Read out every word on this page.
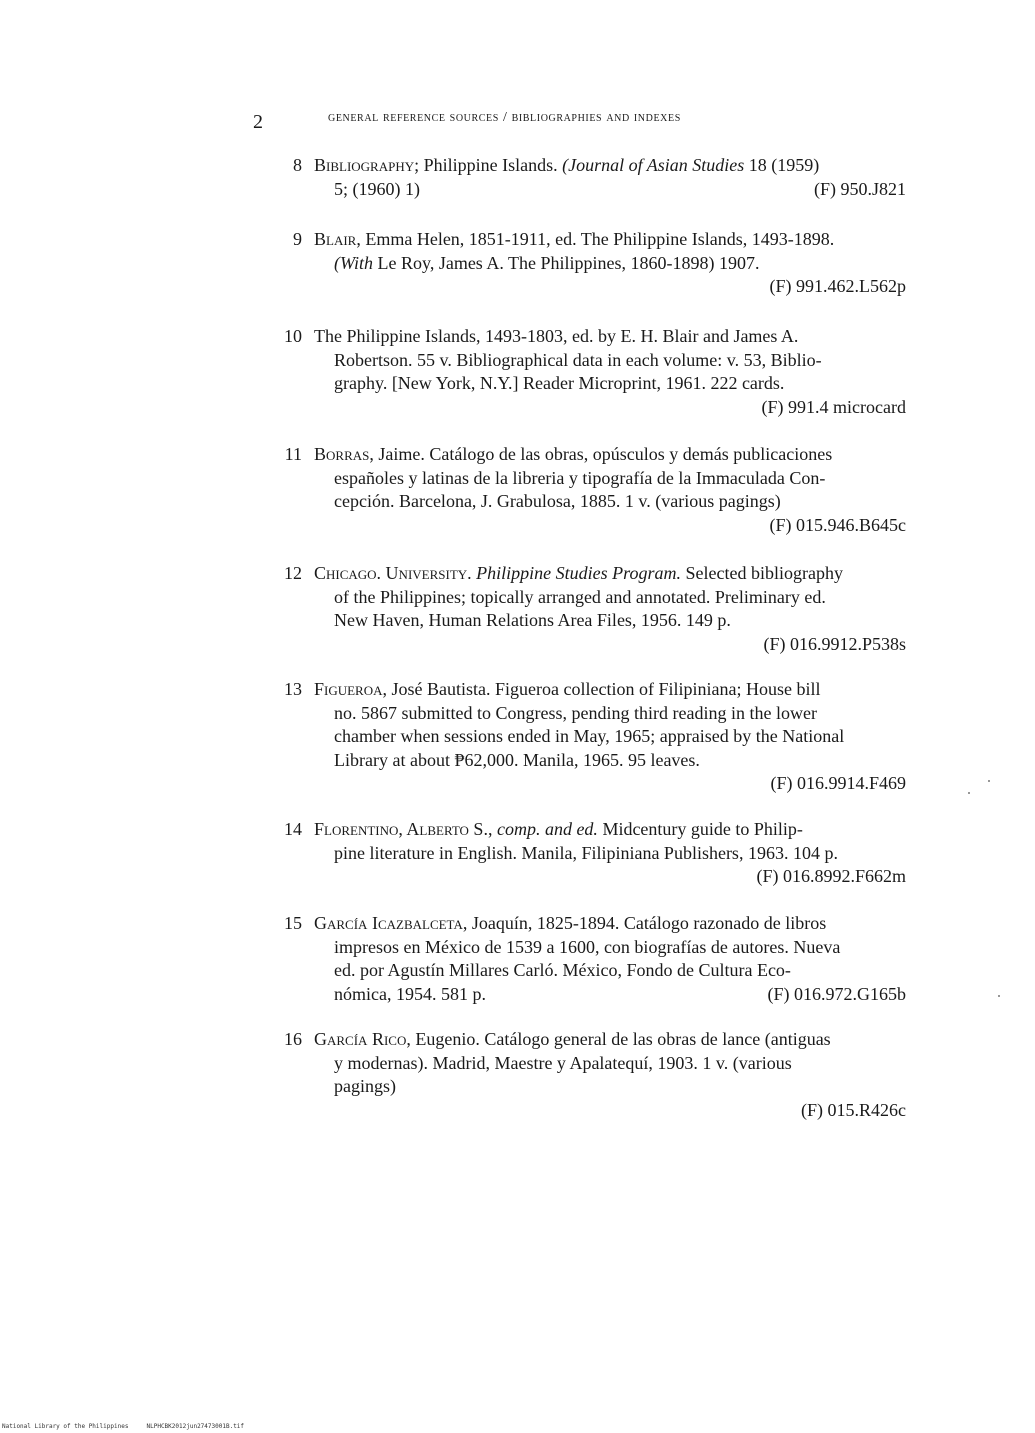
2	general reference sources / bibliographies and indexes
8 Bibliography; Philippine Islands. (Journal of Asian Studies 18 (1959)
5; (1960) 1)	(F) 950.J821
9 Blair, Emma Helen, 1851-1911, ed. The Philippine Islands, 1493-1898.
(With Le Roy, James A. The Philippines, 1860-1898) 1907.
(F) 991.462.L562p
10 The Philippine Islands, 1493-1803, ed. by E. H. Blair and James A.
Robertson. 55 v. Bibliographical data in each volume: v. 53, Biblio-
graphy. [New York, N.Y.] Reader Microprint, 1961. 222 cards.
(F) 991.4 microcard
11 Borras, Jaime. Catálogo de las obras, opúsculos y demás publicaciones
españoles y latinas de la libreria y tipografía de la Immaculada Con-
cepción. Barcelona, J. Grabulosa, 1885. 1 v. (various pagings)
(F) 015.946.B645c
12 Chicago. University. Philippine Studies Program. Selected bibliography
of the Philippines; topically arranged and annotated. Preliminary ed.
New Haven, Human Relations Area Files, 1956. 149 p.
(F) 016.9912.P538s
13 Figueroa, José Bautista. Figueroa collection of Filipiniana; House bill
no. 5867 submitted to Congress, pending third reading in the lower
chamber when sessions ended in May, 1965; appraised by the National
Library at about ₱62,000. Manila, 1965. 95 leaves.
(F) 016.9914.F469
14 Florentino, Alberto S., comp. and ed. Midcentury guide to Philip-
pine literature in English. Manila, Filipiniana Publishers, 1963. 104 p.
(F) 016.8992.F662m
15 García Icazbalceta, Joaquín, 1825-1894. Catálogo razonado de libros
impresos en México de 1539 a 1600, con biografías de autores. Nueva
ed. por Agustín Millares Carló. México, Fondo de Cultura Eco-
nómica, 1954. 581 p.	(F) 016.972.G165b
16 García Rico, Eugenio. Catálogo general de las obras de lance (antiguas
y modernas). Madrid, Maestre y Apalatequí, 1903. 1 v. (various
pagings)
(F) 015.R426c
National Library of the Philippines     NLPHCBK2012jun27473001B.tif
